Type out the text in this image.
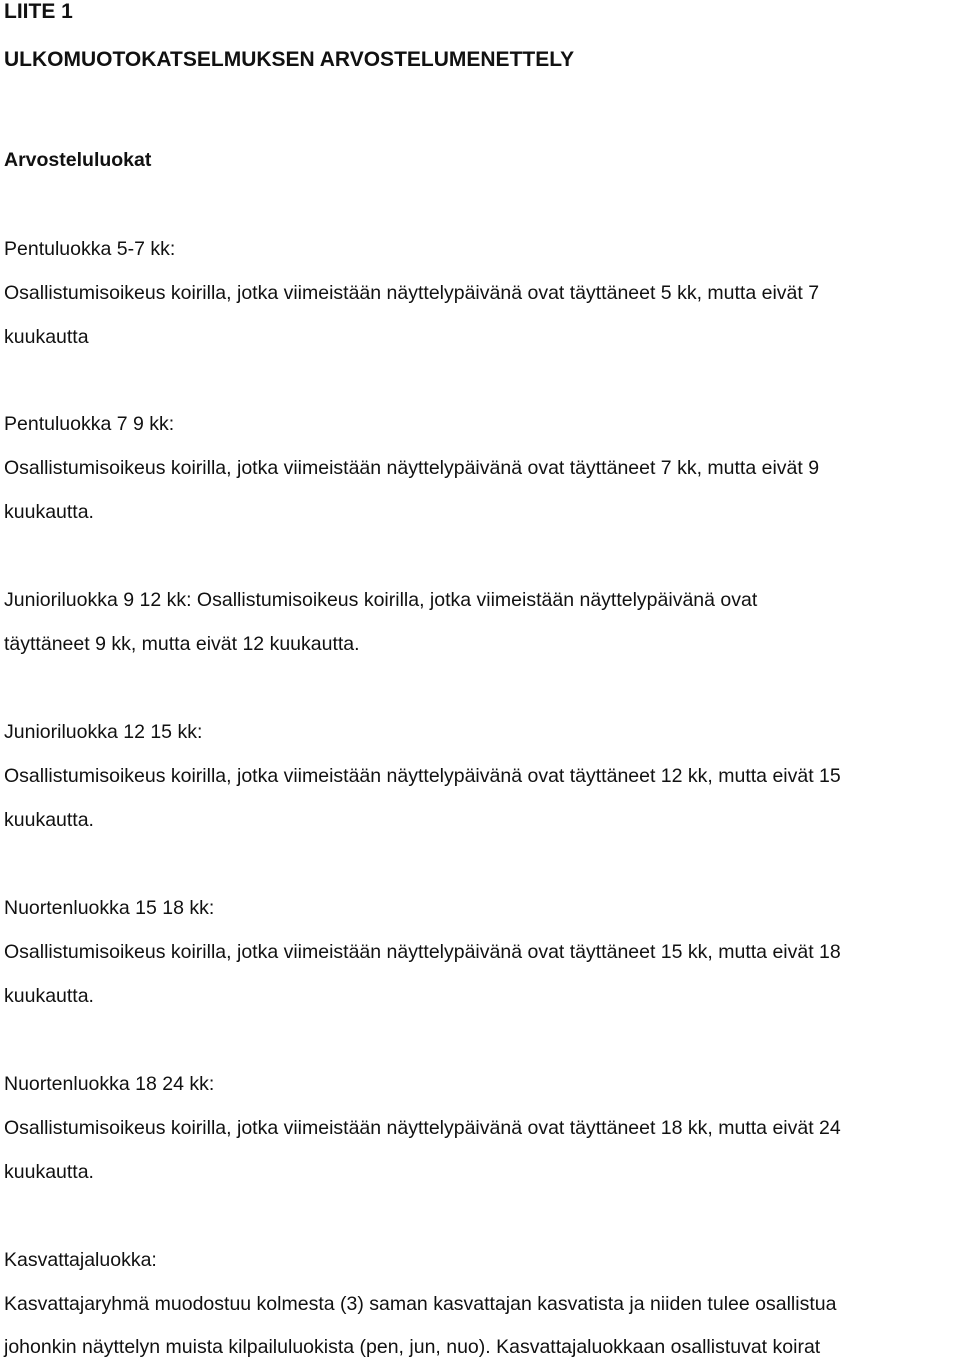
LIITE 1
ULKOMUOTOKATSELMUKSEN ARVOSTELUMENETTELY
Arvosteluluokat
Pentuluokka 5-7 kk:
Osallistumisoikeus koirilla, jotka viimeistään näyttelypäivänä ovat täyttäneet 5 kk, mutta eivät 7
kuukautta
Pentuluokka 7 9 kk:
Osallistumisoikeus koirilla, jotka viimeistään näyttelypäivänä ovat täyttäneet 7 kk, mutta eivät 9
kuukautta.
Junioriluokka 9 12 kk: Osallistumisoikeus koirilla, jotka viimeistään näyttelypäivänä ovat
täyttäneet 9 kk, mutta eivät 12 kuukautta.
Junioriluokka 12 15 kk:
Osallistumisoikeus koirilla, jotka viimeistään näyttelypäivänä ovat täyttäneet 12 kk, mutta eivät 15
kuukautta.
Nuortenluokka 15 18 kk:
Osallistumisoikeus koirilla, jotka viimeistään näyttelypäivänä ovat täyttäneet 15 kk, mutta eivät 18
kuukautta.
Nuortenluokka 18 24 kk:
Osallistumisoikeus koirilla, jotka viimeistään näyttelypäivänä ovat täyttäneet 18 kk, mutta eivät 24
kuukautta.
Kasvattajaluokka:
Kasvattajaryhmä muodostuu kolmesta (3) saman kasvattajan kasvatista ja niiden tulee osallistua
johonkin näyttelyn muista kilpailuluokista (pen, jun, nuo). Kasvattajaluokkaan osallistuvat koirat
